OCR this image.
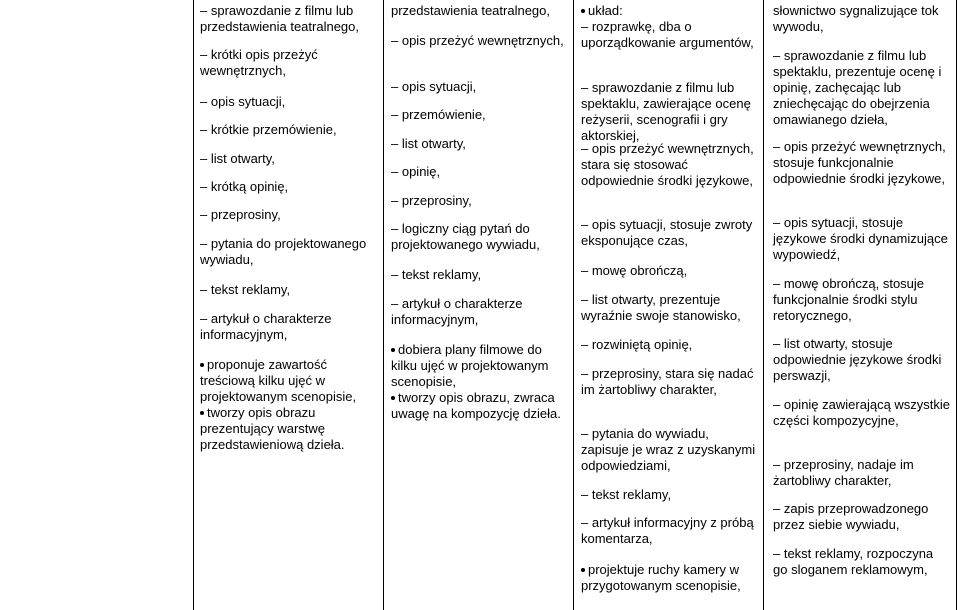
– sprawozdanie z filmu lub przedstawienia teatralnego,

– krótki opis przeżyć wewnętrznych,

– opis sytuacji,

– krótkie przemówienie,

– list otwarty,

– krótką opinię,

– przeprosiny,

– pytania do projektowanego wywiadu,

– tekst reklamy,

– artykuł o charakterze informacyjnym,

proponuje zawartość treściową kilku ujęć w projektowanym scenopisie,
tworzy opis obrazu prezentujący warstwę przedstawieniową dzieła.

przedstawienia teatralnego,

– opis przeżyć wewnętrznych,

– opis sytuacji,

– przemówienie,

– list otwarty,

– opinię,

– przeprosiny,

– logiczny ciąg pytań do projektowanego wywiadu,

– tekst reklamy,

– artykuł o charakterze informacyjnym,

dobiera plany filmowe do kilku ujęć w projektowanym scenopisie,
tworzy opis obrazu, zwraca uwagę na kompozycję dzieła.
układ:

– rozprawkę, dba o uporządkowanie argumentów,

– sprawozdanie z filmu lub spektaklu, zawierające ocenę reżyserii, scenografii i gry aktorskiej,

– opis przeżyć wewnętrznych, stara się stosować odpowiednie środki językowe,

– opis sytuacji, stosuje zwroty eksponujące czas,

– mowę obrończą,

– list otwarty, prezentuje wyraźnie swoje stanowisko,

– rozwiniętą opinię,

– przeprosiny, stara się nadać im żartobliwy charakter,

– pytania do wywiadu, zapisuje je wraz z uzyskanymi odpowiedziami,

– tekst reklamy,

– artykuł informacyjny z próbą komentarza,

projektuje ruchy kamery w przygotowanym scenopisie,

słownictwo sygnalizujące tok wywodu,

– sprawozdanie z filmu lub spektaklu, prezentuje ocenę i opinię, zachęcając lub zniechęcając do obejrzenia omawianego dzieła,

– opis przeżyć wewnętrznych, stosuje funkcjonalnie odpowiednie środki językowe,

– opis sytuacji, stosuje językowe środki dynamizujące wypowiedź,

– mowę obrończą, stosuje funkcjonalnie środki stylu retorycznego,

– list otwarty, stosuje odpowiednie językowe środki perswazji,

– opinię zawierającą wszystkie części kompozycyjne,

– przeprosiny, nadaje im żartobliwy charakter,

– zapis przeprowadzonego przez siebie wywiadu,

– tekst reklamy, rozpoczyna go sloganem reklamowym,
